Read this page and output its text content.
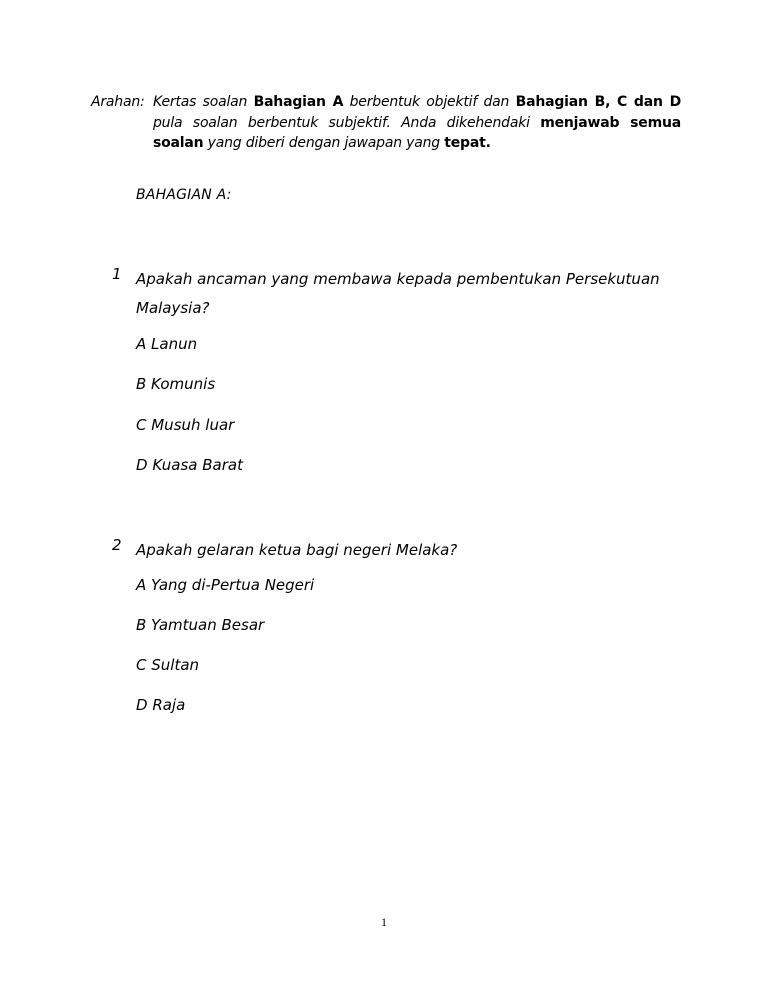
Arahan: Kertas soalan Bahagian A berbentuk objektif dan Bahagian B, C dan D pula soalan berbentuk subjektif. Anda dikehendaki menjawab semua soalan yang diberi dengan jawapan yang tepat.
BAHAGIAN A:
1 Apakah ancaman yang membawa kepada pembentukan Persekutuan Malaysia?
A Lanun
B Komunis
C Musuh luar
D Kuasa Barat
2 Apakah gelaran ketua bagi negeri Melaka?
A Yang di-Pertua Negeri
B Yamtuan Besar
C Sultan
D Raja
1
